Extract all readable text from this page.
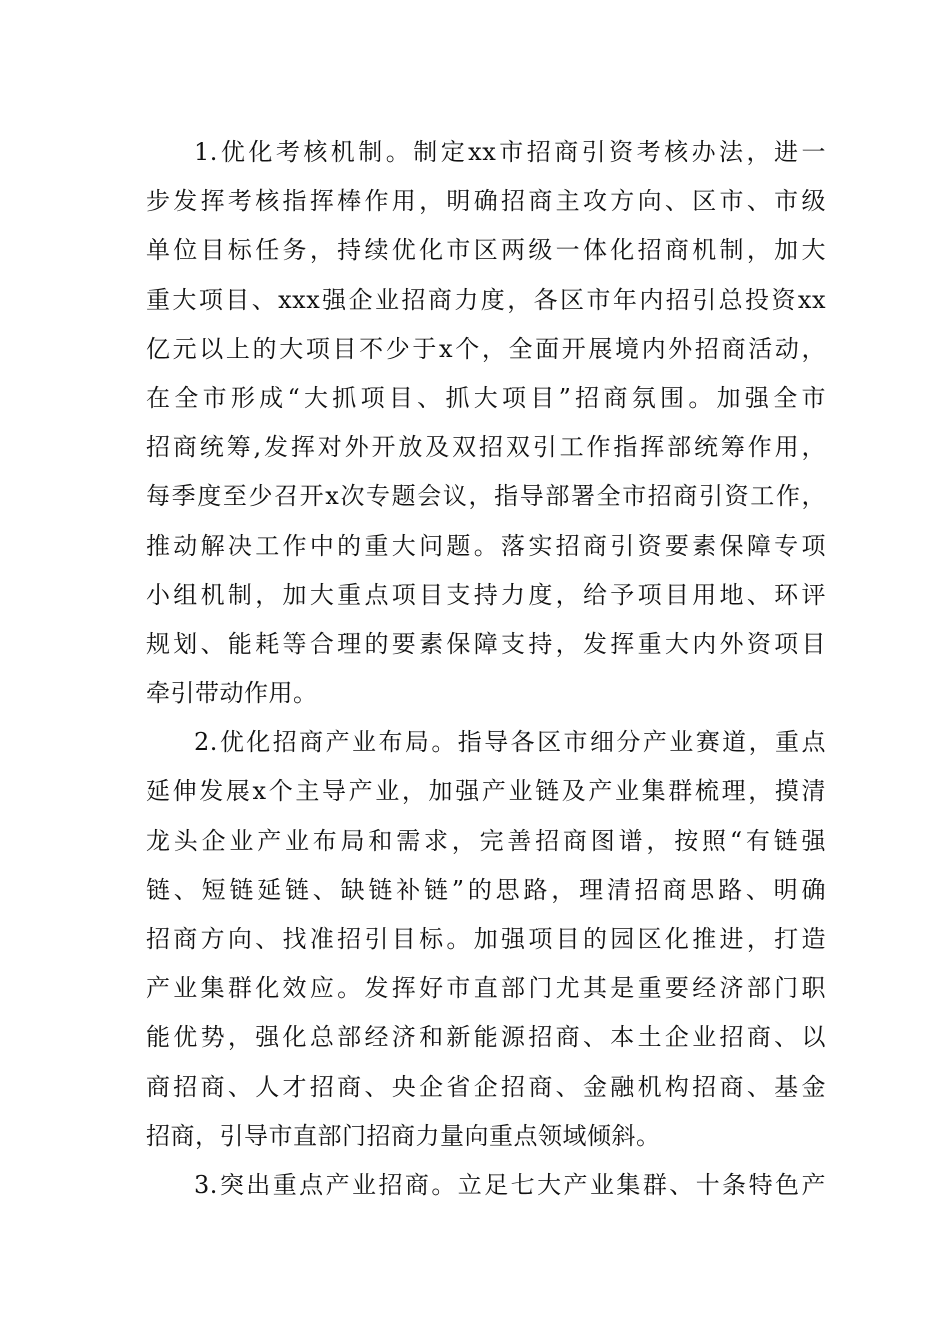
1.优化考核机制。制定xx市招商引资考核办法，进一
步发挥考核指挥棒作用，明确招商主攻方向、区市、市级
单位目标任务，持续优化市区两级一体化招商机制，加大
重大项目、xxx强企业招商力度，各区市年内招引总投资xx
亿元以上的大项目不少于x个，全面开展境内外招商活动，
在全市形成“大抓项目、抓大项目”招商氛围。加强全市
招商统筹,发挥对外开放及双招双引工作指挥部统筹作用，
每季度至少召开x次专题会议，指导部署全市招商引资工作，
推动解决工作中的重大问题。落实招商引资要素保障专项
小组机制，加大重点项目支持力度，给予项目用地、环评
规划、能耗等合理的要素保障支持，发挥重大内外资项目
牵引带动作用。
2.优化招商产业布局。指导各区市细分产业赛道，重点
延伸发展x个主导产业，加强产业链及产业集群梳理，摸清
龙头企业产业布局和需求，完善招商图谱，按照“有链强
链、短链延链、缺链补链”的思路，理清招商思路、明确
招商方向、找准招引目标。加强项目的园区化推进，打造
产业集群化效应。发挥好市直部门尤其是重要经济部门职
能优势，强化总部经济和新能源招商、本土企业招商、以
商招商、人才招商、央企省企招商、金融机构招商、基金
招商，引导市直部门招商力量向重点领域倾斜。
3.突出重点产业招商。立足七大产业集群、十条特色产
